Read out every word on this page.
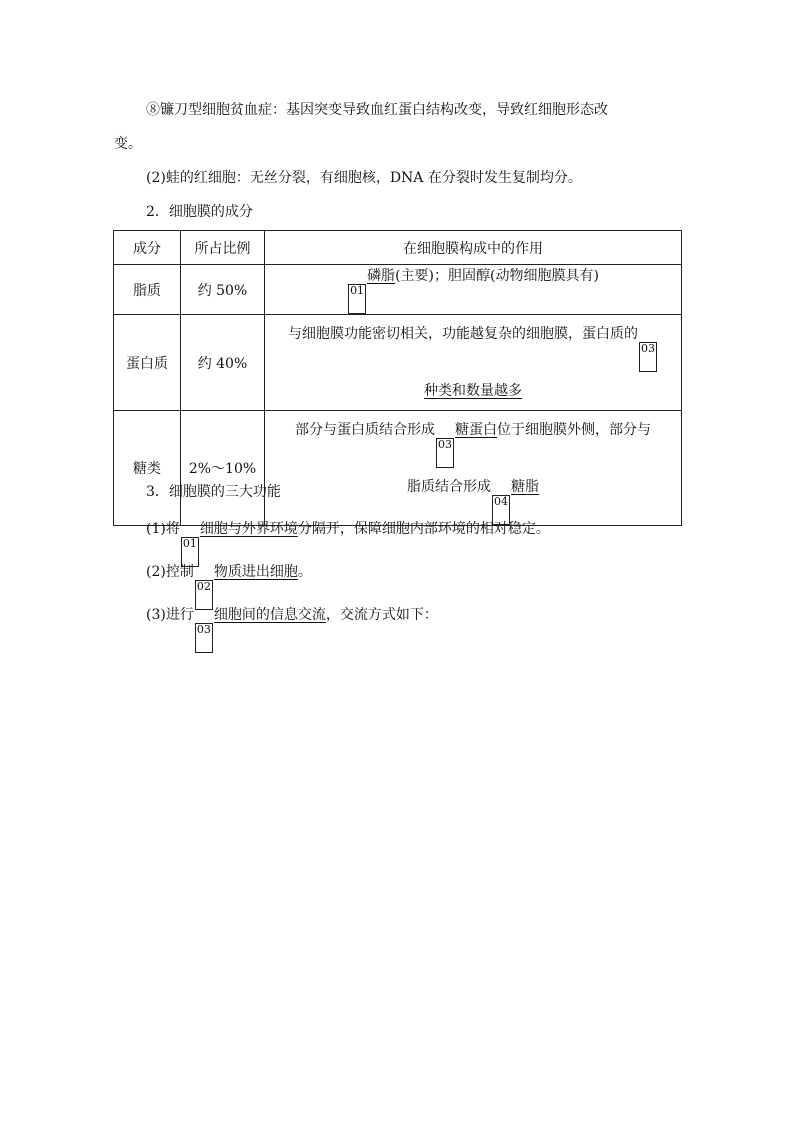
⑧镰刀型细胞贫血症：基因突变导致血红蛋白结构改变，导致红细胞形态改
变。
(2)蛙的红细胞：无丝分裂，有细胞核，DNA 在分裂时发生复制均分。
2．细胞膜的成分
成分	所占比例	在细胞膜构成中的作用
脂质	约 50%	01磷脂(主要)；胆固醇(动物细胞膜具有)
蛋白质	约 40%	与细胞膜功能密切相关，功能越复杂的细胞膜，蛋白质的03
种类和数量越多

糖类	2%～10%	部分与蛋白质结合形成03糖蛋白位于细胞膜外侧，部分与
脂质结合形成04糖脂
3．细胞膜的三大功能
(1)将01细胞与外界环境分隔开，保障细胞内部环境的相对稳定。
(2)控制02物质进出细胞。
(3)进行03细胞间的信息交流，交流方式如下：
